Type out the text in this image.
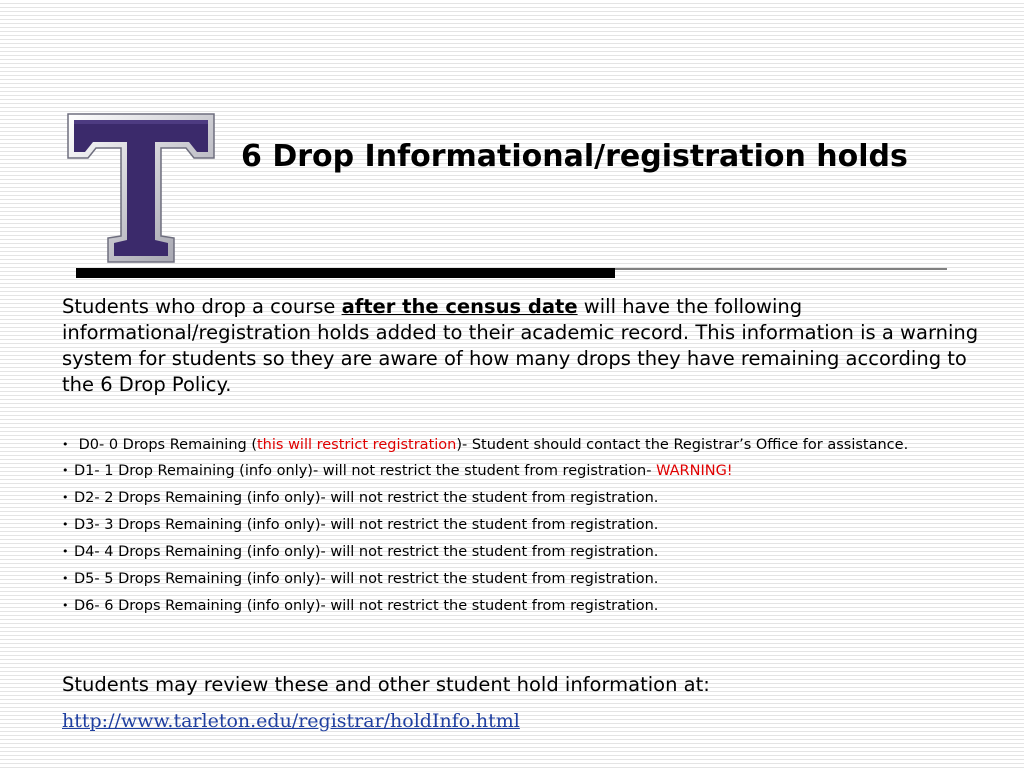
6 Drop Informational/registration holds
Students who drop a course after the census date will have the following informational/registration holds added to their academic record. This information is a warning system for students so they are aware of how many drops they have remaining according to the 6 Drop Policy.
• D0- 0 Drops Remaining (this will restrict registration)- Student should contact the Registrar’s Office for assistance.
• D1- 1 Drop Remaining (info only)- will not restrict the student from registration- WARNING!
• D2- 2 Drops Remaining (info only)- will not restrict the student from registration.
• D3- 3 Drops Remaining (info only)- will not restrict the student from registration.
• D4- 4 Drops Remaining (info only)- will not restrict the student from registration.
• D5- 5 Drops Remaining (info only)- will not restrict the student from registration.
• D6- 6 Drops Remaining (info only)- will not restrict the student from registration.
Students may review these and other student hold information at:
http://www.tarleton.edu/registrar/holdInfo.html
